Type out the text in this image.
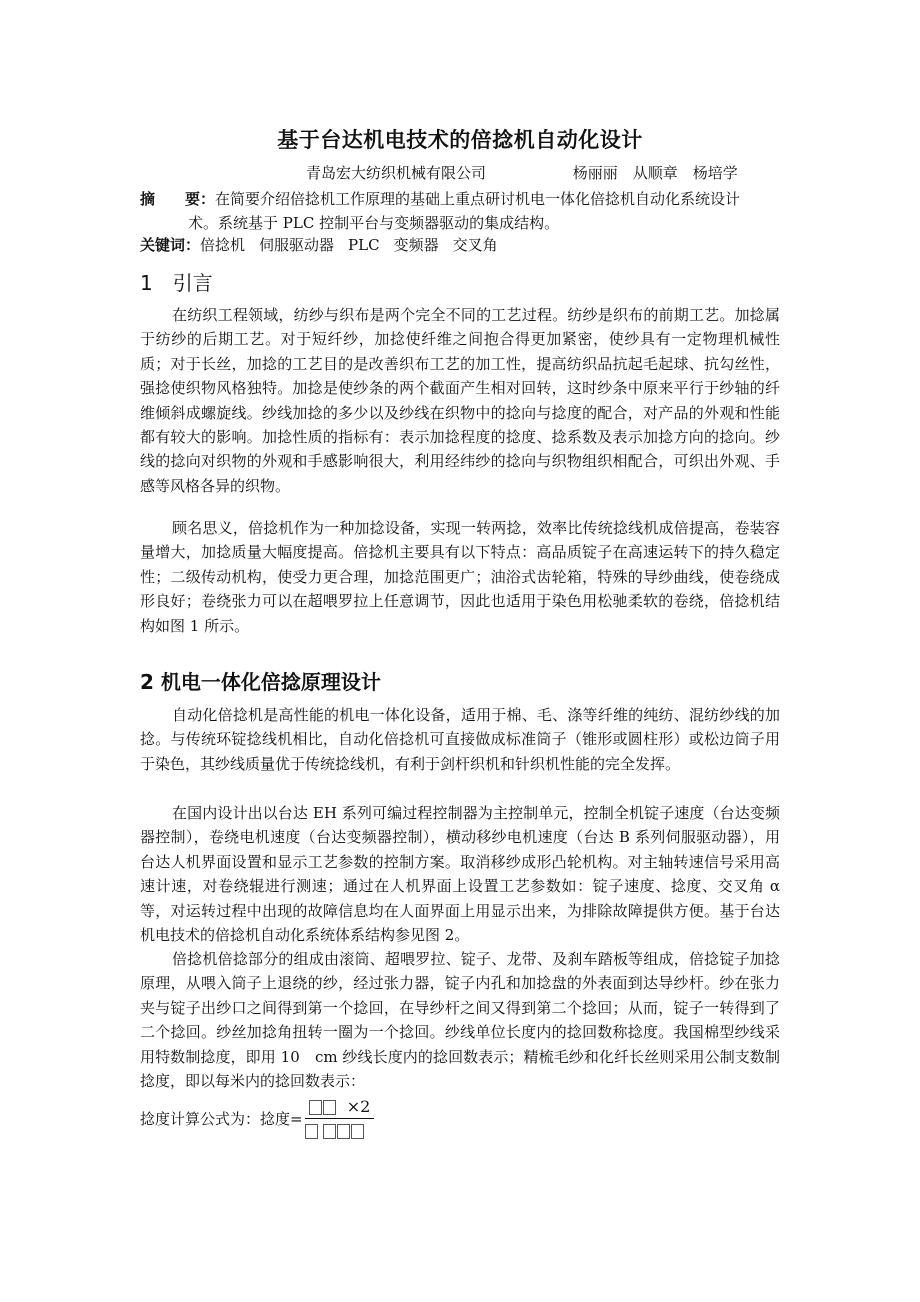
基于台达机电技术的倍捻机自动化设计
青岛宏大纺织机械有限公司	杨丽丽　从顺章　杨培学
摘　　要：在简要介绍倍捻机工作原理的基础上重点研讨机电一体化倍捻机自动化系统设计
术。系统基于 PLC 控制平台与变频器驱动的集成结构。
关键词：倍捻机 伺服驱动器 PLC 变频器 交叉角
1　引言

在纺织工程领域，纺纱与织布是两个完全不同的工艺过程。纺纱是织布的前期工艺。加捻属于纺纱的后期工艺。对于短纤纱，加捻使纤维之间抱合得更加紧密，使纱具有一定物理机械性质；对于长丝，加捻的工艺目的是改善织布工艺的加工性，提高纺织品抗起毛起球、抗勾丝性，强捻使织物风格独特。加捻是使纱条的两个截面产生相对回转，这时纱条中原来平行于纱轴的纤维倾斜成螺旋线。纱线加捻的多少以及纱线在织物中的捻向与捻度的配合，对产品的外观和性能都有较大的影响。加捻性质的指标有：表示加捻程度的捻度、捻系数及表示加捻方向的捻向。纱线的捻向对织物的外观和手感影响很大，利用经纬纱的捻向与织物组织相配合，可织出外观、手感等风格各异的织物。

顾名思义，倍捻机作为一种加捻设备，实现一转两捻，效率比传统捻线机成倍提高，卷装容量增大，加捻质量大幅度提高。倍捻机主要具有以下特点：高品质锭子在高速运转下的持久稳定性；二级传动机构，使受力更合理，加捻范围更广；油浴式齿轮箱，特殊的导纱曲线，使卷绕成形良好；卷绕张力可以在超喂罗拉上任意调节，因此也适用于染色用松驰柔软的卷绕，倍捻机结构如图 1 所示。

2 机电一体化倍捻原理设计

自动化倍捻机是高性能的机电一体化设备，适用于棉、毛、涤等纤维的纯纺、混纺纱线的加捻。与传统环锭捻线机相比，自动化倍捻机可直接做成标准筒子（锥形或圆柱形）或松边筒子用于染色，其纱线质量优于传统捻线机，有利于剑杆织机和针织机性能的完全发挥。

在国内设计出以台达 EH 系列可编过程控制器为主控制单元，控制全机锭子速度（台达变频器控制），卷绕电机速度（台达变频器控制），横动移纱电机速度（台达 B 系列伺服驱动器），用台达人机界面设置和显示工艺参数的控制方案。取消移纱成形凸轮机构。对主轴转速信号采用高速计速，对卷绕辊进行测速；通过在人机界面上设置工艺参数如：锭子速度、捻度、交叉角 α 等，对运转过程中出现的故障信息均在人面界面上用显示出来，为排除故障提供方便。基于台达机电技术的倍捻机自动化系统体系结构参见图 2。

倍捻机倍捻部分的组成由滚筒、超喂罗拉、锭子、龙带、及刹车踏板等组成，倍捻锭子加捻原理，从喂入筒子上退绕的纱，经过张力器，锭子内孔和加捻盘的外表面到达导纱杆。纱在张力夹与锭子出纱口之间得到第一个捻回，在导纱杆之间又得到第二个捻回；从而，锭子一转得到了二个捻回。纱丝加捻角扭转一圈为一个捻回。纱线单位长度内的捻回数称捻度。我国棉型纱线采用特数制捻度，即用 10　cm 纱线长度内的捻回数表示；精梳毛纱和化纤长丝则采用公制支数制捻度，即以每米内的捻回数表示：

捻度计算公式为：捻度=
×2
